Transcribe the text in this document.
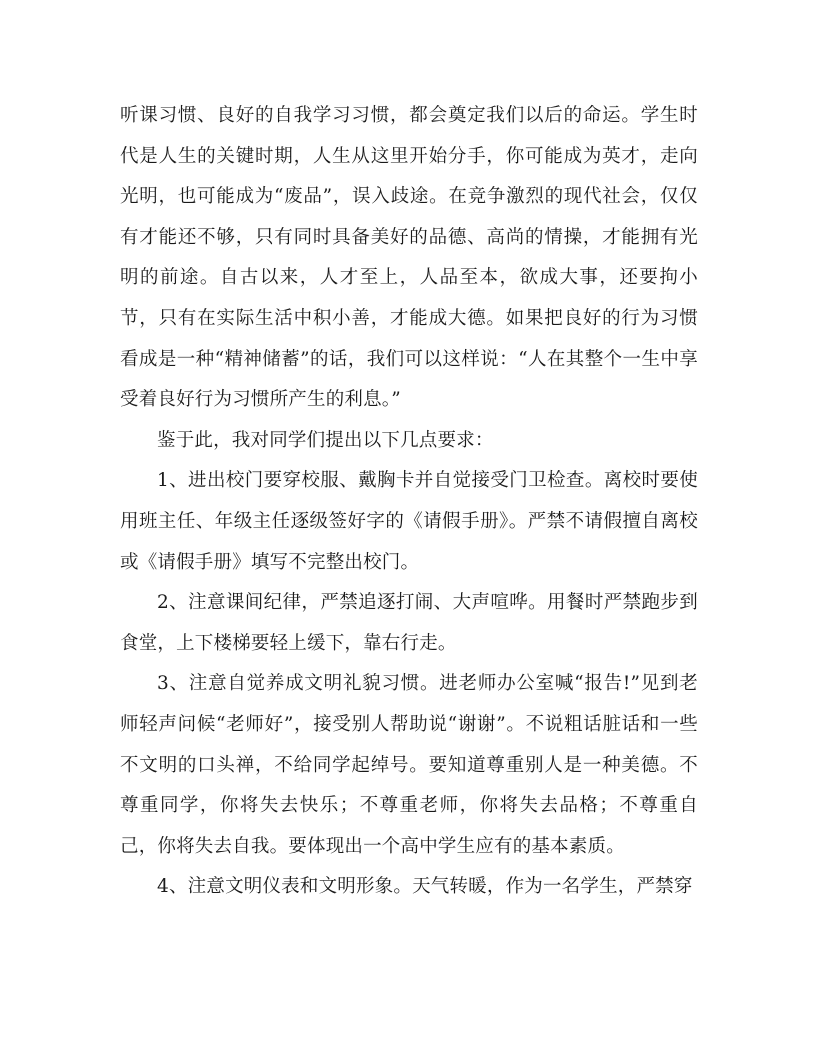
听课习惯、良好的自我学习习惯，都会奠定我们以后的命运。学生时代是人生的关键时期，人生从这里开始分手，你可能成为英才，走向光明，也可能成为“废品”，误入歧途。在竞争激烈的现代社会，仅仅有才能还不够，只有同时具备美好的品德、高尚的情操，才能拥有光明的前途。自古以来，人才至上，人品至本，欲成大事，还要拘小节，只有在实际生活中积小善，才能成大德。如果把良好的行为习惯看成是一种“精神储蓄”的话，我们可以这样说：“人在其整个一生中享受着良好行为习惯所产生的利息。”

鉴于此，我对同学们提出以下几点要求：

1、进出校门要穿校服、戴胸卡并自觉接受门卫检查。离校时要使用班主任、年级主任逐级签好字的《请假手册》。严禁不请假擅自离校或《请假手册》填写不完整出校门。

2、注意课间纪律，严禁追逐打闹、大声喧哗。用餐时严禁跑步到食堂，上下楼梯要轻上缓下，靠右行走。

3、注意自觉养成文明礼貌习惯。进老师办公室喊“报告!”见到老师轻声问候“老师好”，接受别人帮助说“谢谢”。不说粗话脏话和一些不文明的口头禅，不给同学起绰号。要知道尊重别人是一种美德。不尊重同学，你将失去快乐；不尊重老师，你将失去品格；不尊重自己，你将失去自我。要体现出一个高中学生应有的基本素质。

4、注意文明仪表和文明形象。天气转暖，作为一名学生，严禁穿
